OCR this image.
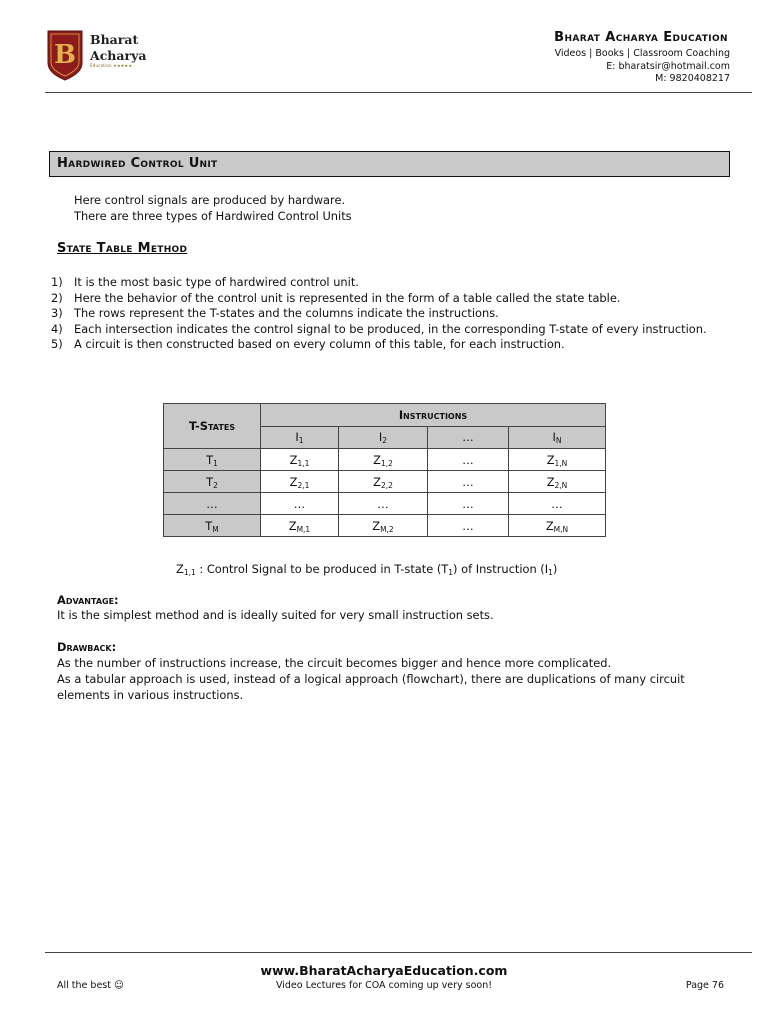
B
Bharat
Acharya
Education ★★★★★
Bharat Acharya Education
Videos | Books | Classroom Coaching
E: bharatsir@hotmail.com
M: 9820408217
Hardwired Control Unit
Here control signals are produced by hardware.
There are three types of Hardwired Control Units
State Table Method
1) It is the most basic type of hardwired control unit.
2) Here the behavior of the control unit is represented in the form of a table called the state table.
3) The rows represent the T-states and the columns indicate the instructions.
4) Each intersection indicates the control signal to be produced, in the corresponding T-state of every instruction.
5) A circuit is then constructed based on every column of this table, for each instruction.
T-States	Instructions			
	$I_1$	$I_2$	…	$I_N$
$T_1$	$Z_{1,1}$	$Z_{1,2}$	…	$Z_{1,N}$
$T_2$	$Z_{2,1}$	$Z_{2,2}$	…	$Z_{2,N}$
…	…	…	…	…
$T_M$	$Z_{M,1}$	$Z_{M,2}$	…	$Z_{M,N}$
$Z_{1,1}$ : Control Signal to be produced in T-state $(T_1)$ of Instruction $(I_1)$
Advantage:
It is the simplest method and is ideally suited for very small instruction sets.
Drawback:
As the number of instructions increase, the circuit becomes bigger and hence more complicated.
As a tabular approach is used, instead of a logical approach (flowchart), there are duplications of many circuit elements in various instructions.
www.BharatAcharyaEducation.com
All the best ☺	Video Lectures for COA coming up very soon!	Page 76
